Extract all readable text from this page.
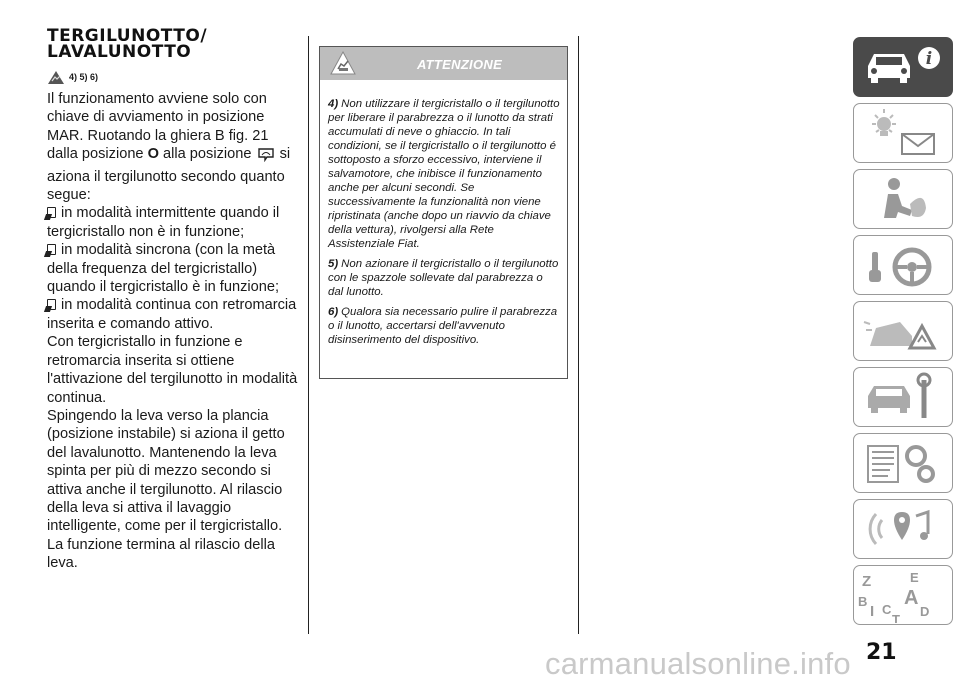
TERGILUNOTTO/
LAVALUNOTTO
4) 5) 6)

Il funzionamento avviene solo con chiave di avviamento in posizione MAR. Ruotando la ghiera B fig. 21 dalla posizione O alla posizione  si aziona il tergilunotto secondo quanto segue:

in modalità intermittente quando il tergicristallo non è in funzione;

in modalità sincrona (con la metà della frequenza del tergicristallo) quando il tergicristallo è in funzione;

in modalità continua con retromarcia inserita e comando attivo.

Con tergicristallo in funzione e retromarcia inserita si ottiene l'attivazione del tergilunotto in modalità continua.

Spingendo la leva verso la plancia (posizione instabile) si aziona il getto del lavalunotto. Mantenendo la leva spinta per più di mezzo secondo si attiva anche il tergilunotto. Al rilascio della leva si attiva il lavaggio intelligente, come per il tergicristallo.

La funzione termina al rilascio della leva.

ATTENZIONE

4) Non utilizzare il tergicristallo o il tergilunotto per liberare il parabrezza o il lunotto da strati accumulati di neve o ghiaccio. In tali condizioni, se il tergicristallo o il tergilunotto é sottoposto a sforzo eccessivo, interviene il salvamotore, che inibisce il funzionamento anche per alcuni secondi. Se successivamente la funzionalità non viene ripristinata (anche dopo un riavvio da chiave della vettura), rivolgersi alla Rete Assistenziale Fiat.

5) Non azionare il tergicristallo o il tergilunotto con le spazzole sollevate dal parabrezza o dal lunotto.

6) Qualora sia necessario pulire il parabrezza o il lunotto, accertarsi dell'avvenuto disinserimento del dispositivo.

i
Z	E
B A
I C D
T
carmanualsonline.info 21
